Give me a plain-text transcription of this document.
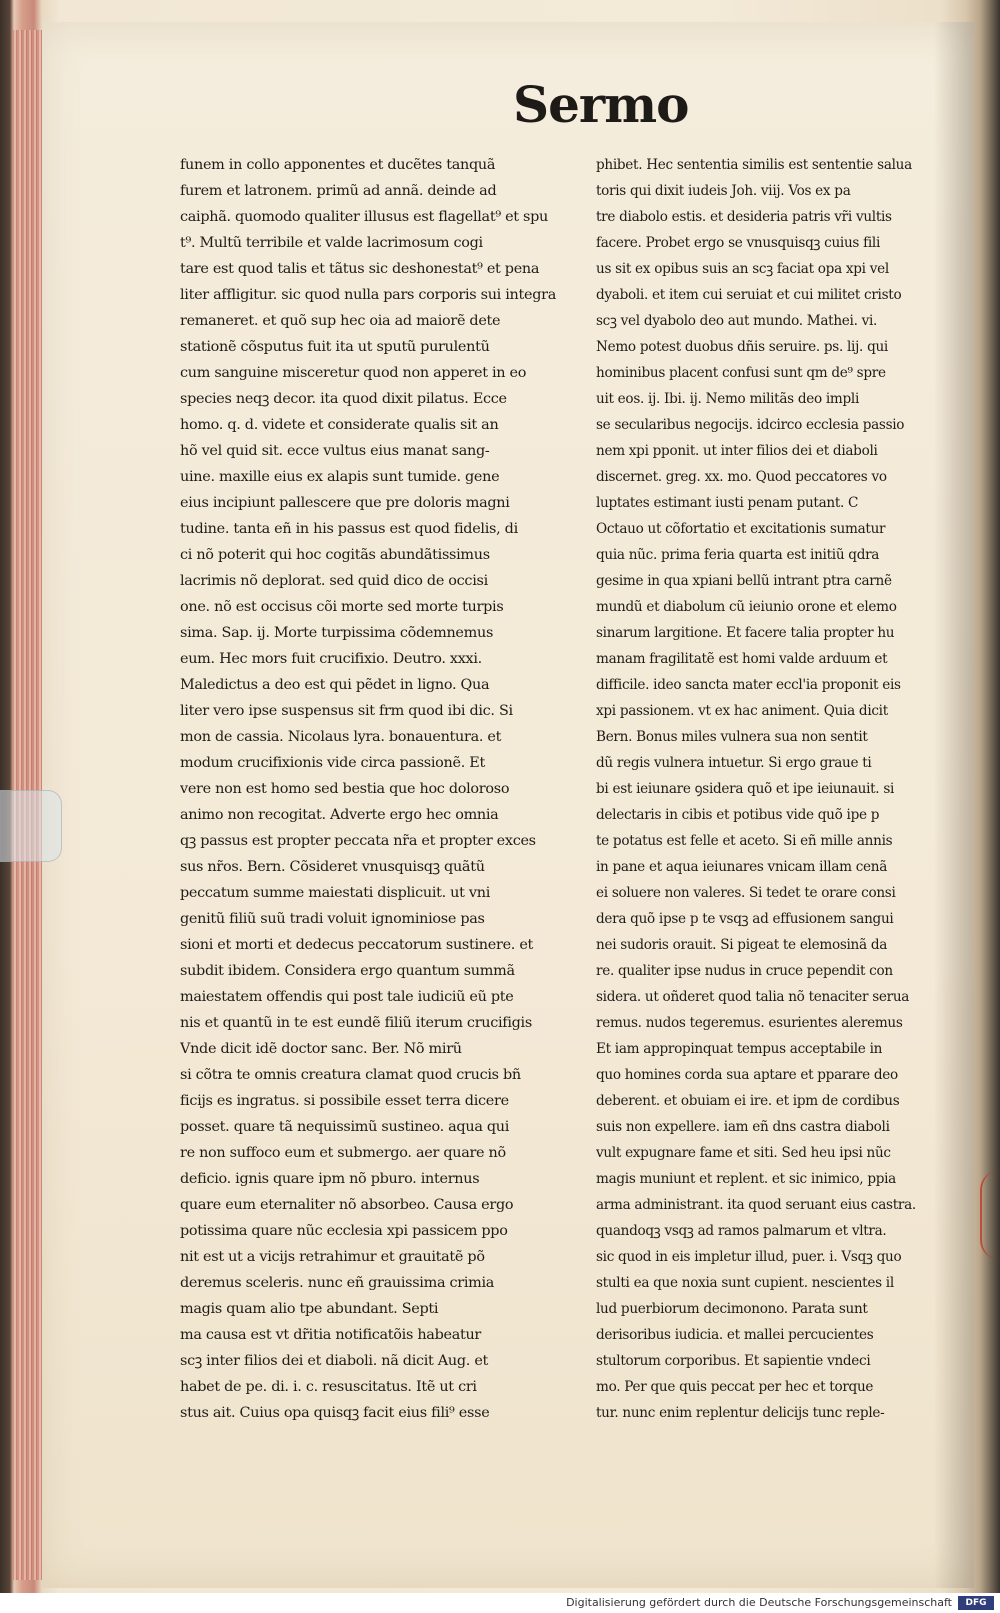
Sermo
funem in collo apponentes et ducẽtes tanquã
furem et latronem. primũ ad annã. deinde ad
caiphã. quomodo qualiter illusus est flagellat⁹ et spu
t⁹. Multũ terribile et valde lacrimosum cogi
tare est quod talis et tãtus sic deshonestat⁹ et pena
liter affligitur. sic quod nulla pars corporis sui integra
remaneret. et quõ sup hec oia ad maiorẽ dete
stationẽ cõsputus fuit ita ut sputũ purulentũ
cum sanguine misceretur quod non apperet in eo
species neqꝫ decor. ita quod dixit pilatus. Ecce
homo. q. d. videte et considerate qualis sit an
hõ vel quid sit. ecce vultus eius manat sang-
uine. maxille eius ex alapis sunt tumide. gene
eius incipiunt pallescere que pre doloris magni
tudine. tanta eñ in his passus est quod fidelis, di
ci nõ poterit qui hoc cogitãs abundãtissimus
lacrimis nõ deplorat. sed quid dico de occisi
one. nõ est occisus cõi morte sed morte turpis
sima. Sap. ij. Morte turpissima cõdemnemus
eum. Hec mors fuit crucifixio. Deutro. xxxi.
Maledictus a deo est qui pẽdet in ligno. Qua
liter vero ipse suspensus sit frm quod ibi dic. Si
mon de cassia. Nicolaus lyra. bonauentura. et
modum crucifixionis vide circa passionẽ. Et
vere non est homo sed bestia que hoc doloroso
animo non recogitat. Adverte ergo hec omnia
qꝫ passus est propter peccata nr̃a et propter exces
sus nr̃os. Bern. Cõsideret vnusquisqꝫ quãtũ
peccatum summe maiestati displicuit. ut vni
genitũ filiũ suũ tradi voluit ignominiose pas
sioni et morti et dedecus peccatorum sustinere. et
subdit ibidem. Considera ergo quantum summã
maiestatem offendis qui post tale iudiciũ eũ pte
nis et quantũ in te est eundẽ filiũ iterum crucifigis
Vnde dicit idẽ doctor sanc. Ber. Nõ mirũ
si cõtra te omnis creatura clamat quod crucis bñ
ficijs es ingratus. si possibile esset terra dicere
posset. quare tã nequissimũ sustineo. aqua qui
re non suffoco eum et submergo. aer quare nõ
deficio. ignis quare ipm nõ pburo. internus
quare eum eternaliter nõ absorbeo. Causa ergo
potissima quare nũc ecclesia xpi passicem ppo
nit est ut a vicijs retrahimur et grauitatẽ põ
deremus sceleris. nunc eñ grauissima crimia
magis quam alio tpe abundant. Septi
ma causa est vt dr̃itia notificatõis habeatur
scꝫ inter filios dei et diaboli. nã dicit Aug. et
habet de pe. di. i. c. resuscitatus. Itẽ ut cri
stus ait. Cuius opa quisqꝫ facit eius fili⁹ esse
phibet. Hec sententia similis est sententie salua
toris qui dixit iudeis Joh. viij. Vos ex pa
tre diabolo estis. et desideria patris vr̃i vultis
facere. Probet ergo se vnusquisqꝫ cuius fili
us sit ex opibus suis an scꝫ faciat opa xpi vel
dyaboli. et item cui seruiat et cui militet cristo
scꝫ vel dyabolo deo aut mundo. Mathei. vi.
Nemo potest duobus dñis seruire. ps. lij. qui
hominibus placent confusi sunt qm de⁹ spre
uit eos. ij. Ibi. ij. Nemo militãs deo impli
se secularibus negocijs. idcirco ecclesia passio
nem xpi pponit. ut inter filios dei et diaboli
discernet. greg. xx. mo. Quod peccatores vo
luptates estimant iusti penam putant. C
Octauo ut cõfortatio et excitationis sumatur
quia nũc. prima feria quarta est initiũ qdra
gesime in qua xpiani bellũ intrant ptra carnẽ
mundũ et diabolum cũ ieiunio orone et elemo
sinarum largitione. Et facere talia propter hu
manam fragilitatẽ est homi valde arduum et
difficile. ideo sancta mater eccl'ia proponit eis
xpi passionem. vt ex hac animent. Quia dicit
Bern. Bonus miles vulnera sua non sentit
dũ regis vulnera intuetur. Si ergo graue ti
bi est ieiunare ꝯsidera quõ et ipe ieiunauit. si
delectaris in cibis et potibus vide quõ ipe p
te potatus est felle et aceto. Si eñ mille annis
in pane et aqua ieiunares vnicam illam cenã
ei soluere non valeres. Si tedet te orare consi
dera quõ ipse p te vsqꝫ ad effusionem sangui
nei sudoris orauit. Si pigeat te elemosinã da
re. qualiter ipse nudus in cruce pependit con
sidera. ut oñderet quod talia nõ tenaciter serua
remus. nudos tegeremus. esurientes aleremus
Et iam appropinquat tempus acceptabile in
quo homines corda sua aptare et pparare deo
deberent. et obuiam ei ire. et ipm de cordibus
suis non expellere. iam eñ dns castra diaboli
vult expugnare fame et siti. Sed heu ipsi nũc
magis muniunt et replent. et sic inimico, ppia
arma administrant. ita quod seruant eius castra.
quandoqꝫ vsqꝫ ad ramos palmarum et vltra.
sic quod in eis impletur illud, puer. i. Vsqꝫ quo
stulti ea que noxia sunt cupient. nescientes il
lud puerbiorum decimonono. Parata sunt
derisoribus iudicia. et mallei percucientes
stultorum corporibus. Et sapientie vndeci
mo. Per que quis peccat per hec et torque
tur. nunc enim replentur delicijs tunc reple-
Digitalisierung gefördert durch die Deutsche Forschungsgemeinschaft	DFG
